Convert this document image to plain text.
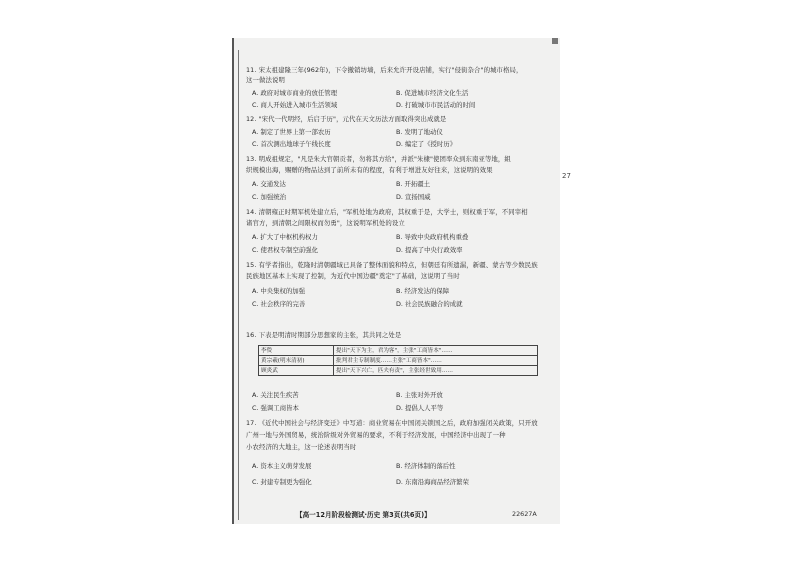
27
11. 宋太祖建隆三年(962年)，下令撤销坊墙，后来允许开设店铺，实行"侵街杂合"的城市格局，
这一做法说明
A. 政府对城市商业的放任管理	B. 促进城市经济文化生活
C. 商人开始进入城市生活领域	D. 打破城市市民活动的时间
12. "宋代一代明经，后启于历"，元代在天文历法方面取得突出成就是
A. 制定了世界上第一部农历	B. 发明了地动仪
C. 首次测出地球子午线长度	D. 编定了《授时历》
13. 明成祖规定，"凡是朱大官朝贡者，勿将其方给"，并派"朱棣"使团率众到东南亚等地，組
织规模出海，赐赠的物品达到了前所未有的程度，有利于增进友好往来，这说明的效果
A. 交通发达	B. 开拓疆土
C. 加强统治	D. 宣扬国威
14. 清朝雍正时期军机处建立后，"军机处地为政府，其权重于是，大学士，则权重于军，不同宰相
诸官方，到清朝之间限权而勿勇"，这说明军机处的设立
A. 扩大了中枢机构权力	B. 导致中央政府机构重叠
C. 使君权专制空前强化	D. 提高了中央行政效率
15. 有学者指出，乾隆时清朝疆域已具备了整体面貌和特点，但朝廷有所遗漏，新疆、蒙古等少数民族
民族地区基本上实现了控制，为近代中国边疆"奠定"了基础，这说明了当时
A. 中央集权的加强	B. 经济发达的保障
C. 社会秩序的完善	D. 社会民族融合的成就
16. 下表是明清时期部分思想家的主张，其共同之处是
李贽	提出"天下为主，君为客"，主张"工商皆本"……
黄宗羲(明末清初)	批判君主专制制度……主张"工商皆本"……
顾炎武	提出"天下兴亡，匹夫有责"，主张经世致用……
A. 关注民生疾苦	B. 主张对外开放
C. 强调工商皆本	D. 提倡人人平等
17. 《近代中国社会与经济变迁》中写道：商业贸易在中国闭关锁国之后，政府加强闭关政策，只开放
广州一地与外国贸易，统治阶级对外贸易的要求，不利于经济发展，中国经济中出现了一种
小农经济的大地主，这一论述表明当时
A. 资本主义萌芽发展	B. 经济体制的落后性
C. 封建专制更为强化	D. 东南沿海商品经济繁荣
【高一12月阶段检测试·历史 第3页(共6页)】	22627A
